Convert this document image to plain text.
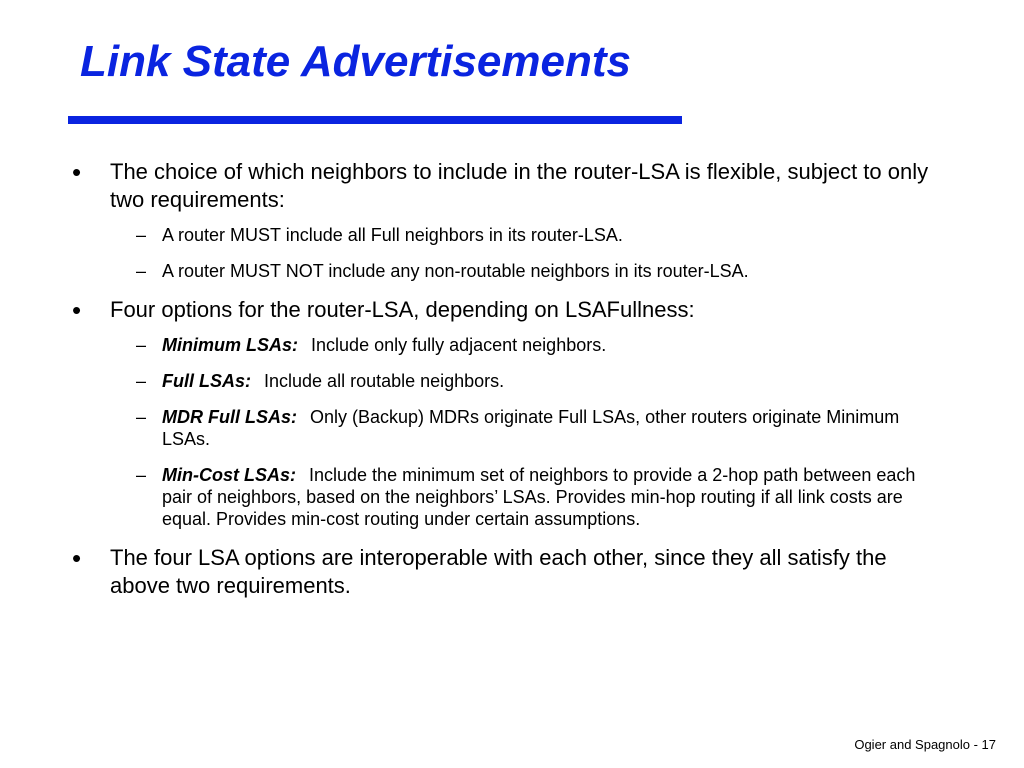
Link State Advertisements
• The choice of which neighbors to include in the router-LSA is flexible, subject to only two requirements:
– A router MUST include all Full neighbors in its router-LSA.
– A router MUST NOT include any non-routable neighbors in its router-LSA.
• Four options for the router-LSA, depending on LSAFullness:
– Minimum LSAs: Include only fully adjacent neighbors.
– Full LSAs: Include all routable neighbors.
– MDR Full LSAs: Only (Backup) MDRs originate Full LSAs, other routers originate Minimum LSAs.
– Min-Cost LSAs: Include the minimum set of neighbors to provide a 2-hop path between each pair of neighbors, based on the neighbors’ LSAs. Provides min-hop routing if all link costs are equal. Provides min-cost routing under certain assumptions.
• The four LSA options are interoperable with each other, since they all satisfy the above two requirements.
Ogier and Spagnolo - 17
